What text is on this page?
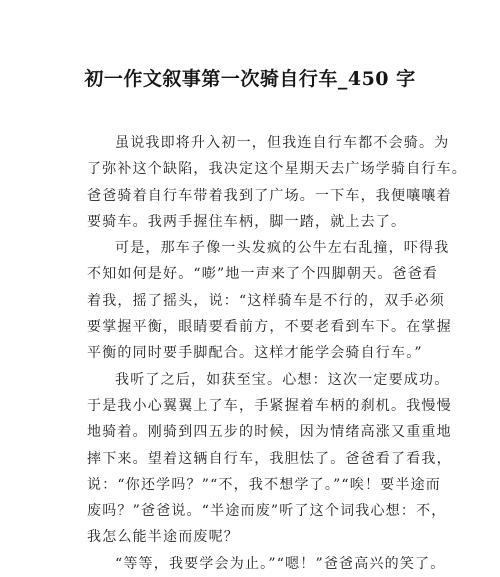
初一作文叙事第一次骑自行车_450 字
虽说我即将升入初一，但我连自行车都不会骑。为
了弥补这个缺陷，我决定这个星期天去广场学骑自行车。
爸爸骑着自行车带着我到了广场。一下车，我便嚷嚷着
要骑车。我两手握住车柄，脚一踏，就上去了。
可是，那车子像一头发疯的公牛左右乱撞，吓得我
不知如何是好。“嘭”地一声来了个四脚朝天。爸爸看
着我，摇了摇头，说：“这样骑车是不行的，双手必须
要掌握平衡，眼睛要看前方，不要老看到车下。在掌握
平衡的同时要手脚配合。这样才能学会骑自行车。”
我听了之后，如获至宝。心想：这次一定要成功。
于是我小心翼翼上了车，手紧握着车柄的刹机。我慢慢
地骑着。刚骑到四五步的时候，因为情绪高涨又重重地
摔下来。望着这辆自行车，我胆怯了。爸爸看了看我，
说：“你还学吗？”“不，我不想学了。”“唉！要半途而
废吗？”爸爸说。“半途而废”听了这个词我心想：不，
我怎么能半途而废呢？
“等等，我要学会为止。”“嗯！”爸爸高兴的笑了。
